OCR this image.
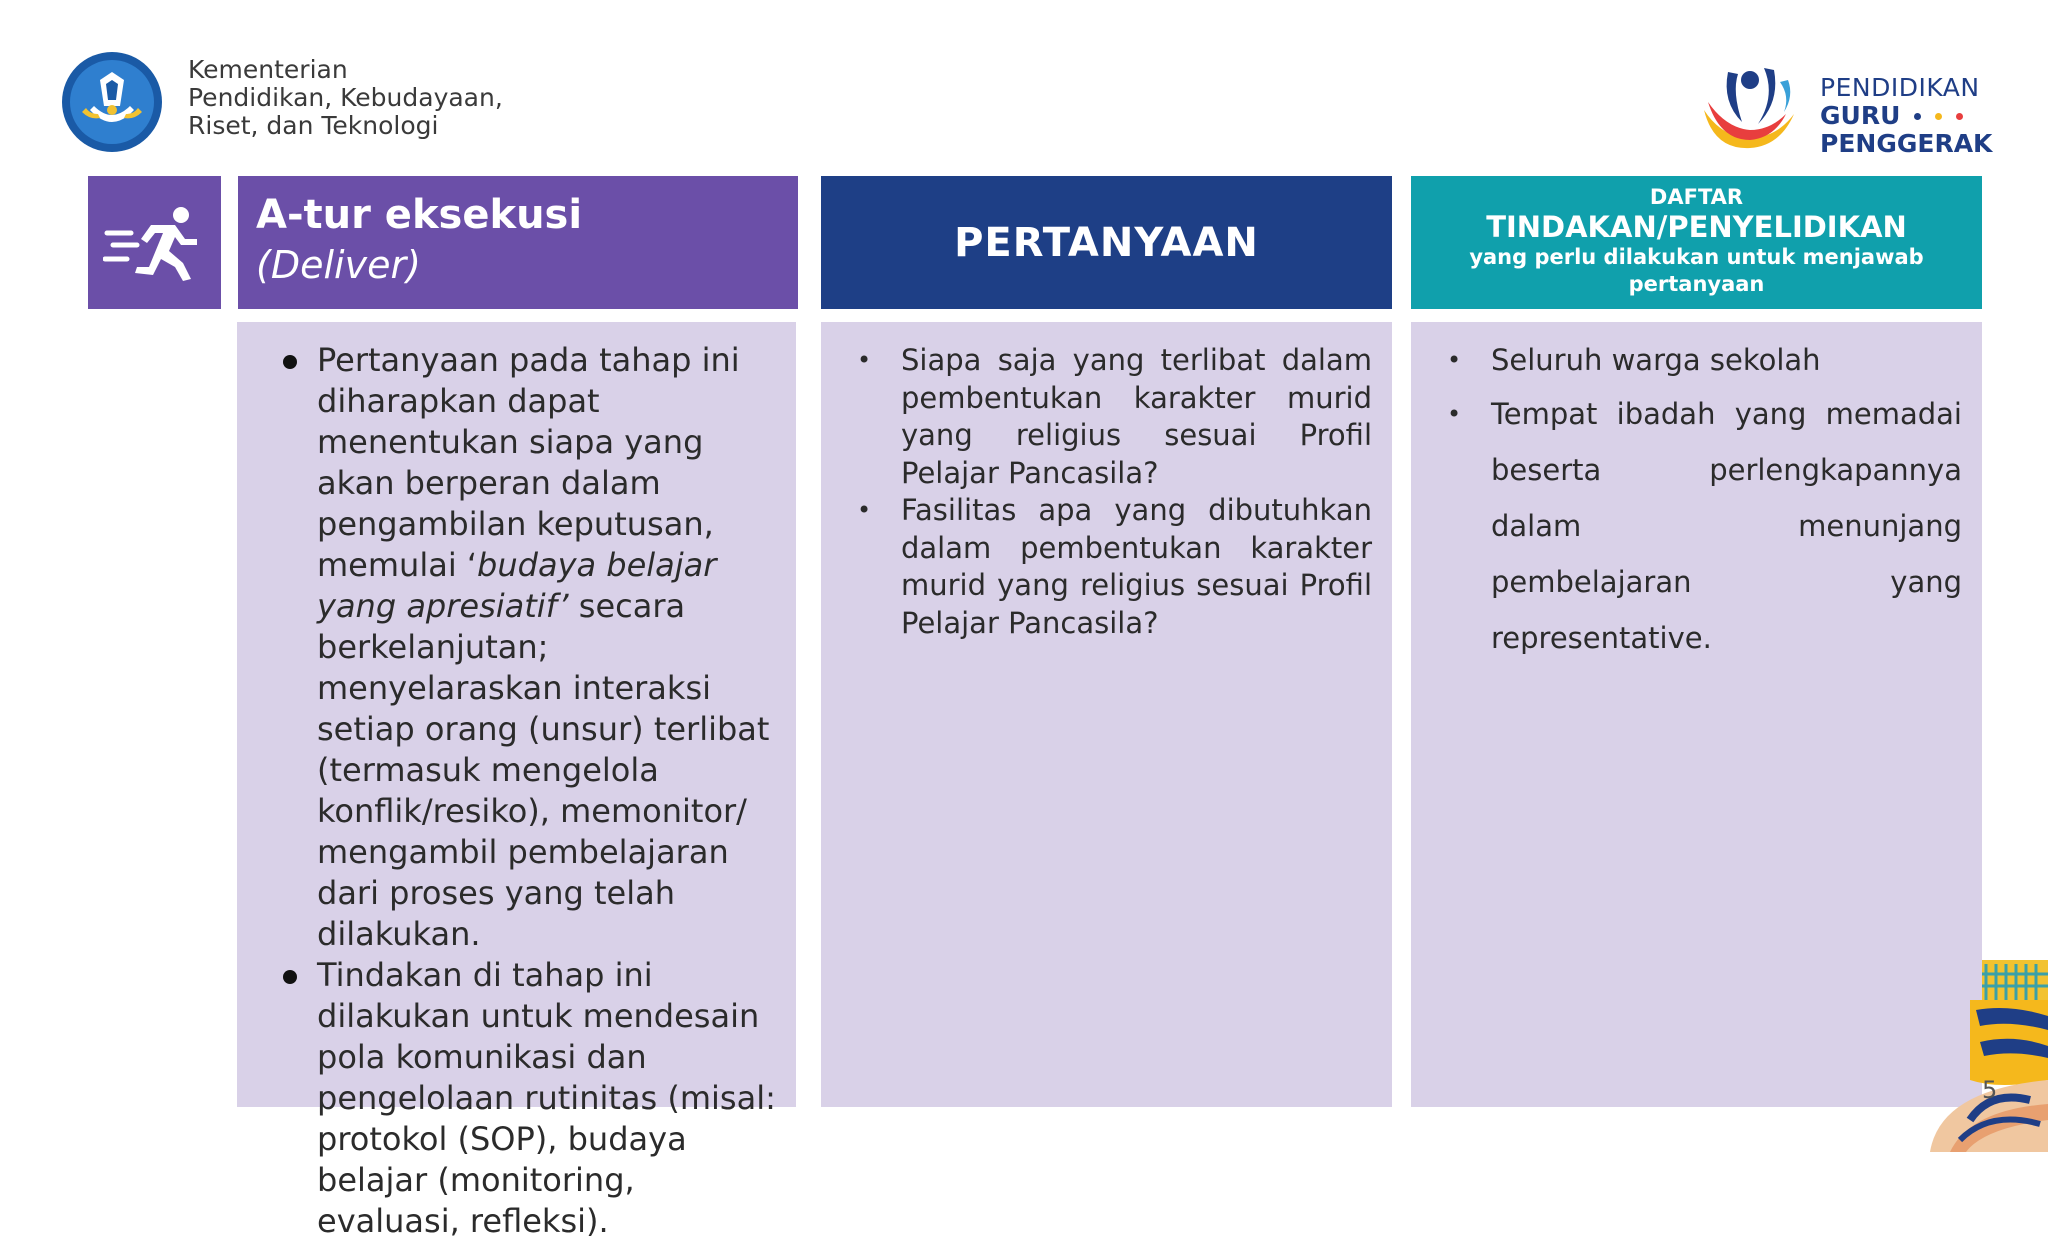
Kementerian
Pendidikan, Kebudayaan,
Riset, dan Teknologi
PENDIDIKAN
GURU
PENGGERAK
A-tur eksekusi
(Deliver)	PERTANYAAN
DAFTAR
TINDAKAN/PENYELIDIKAN
yang perlu dilakukan untuk menjawab pertanyaan
Pertanyaan pada tahap ini diharapkan dapat menentukan siapa yang akan berperan dalam pengambilan keputusan, memulai ‘budaya belajar yang apresiatif’ secara berkelanjutan; menyelaraskan interaksi setiap orang (unsur) terlibat (termasuk mengelola konflik/resiko), memonitor/ mengambil pembelajaran dari proses yang telah dilakukan.
Tindakan di tahap ini dilakukan untuk mendesain pola komunikasi dan pengelolaan rutinitas (misal: protokol (SOP), budaya belajar (monitoring, evaluasi, refleksi).
• Siapa saja yang terlibat dalam pembentukan karakter murid yang religius sesuai Profil Pelajar Pancasila?
• Fasilitas apa yang dibutuhkan dalam pembentukan karakter murid yang religius sesuai Profil Pelajar Pancasila?
• Seluruh warga sekolah
• Tempat ibadah yang memadai beserta perlengkapannya dalam menunjang pembelajaran yang representative.
5
